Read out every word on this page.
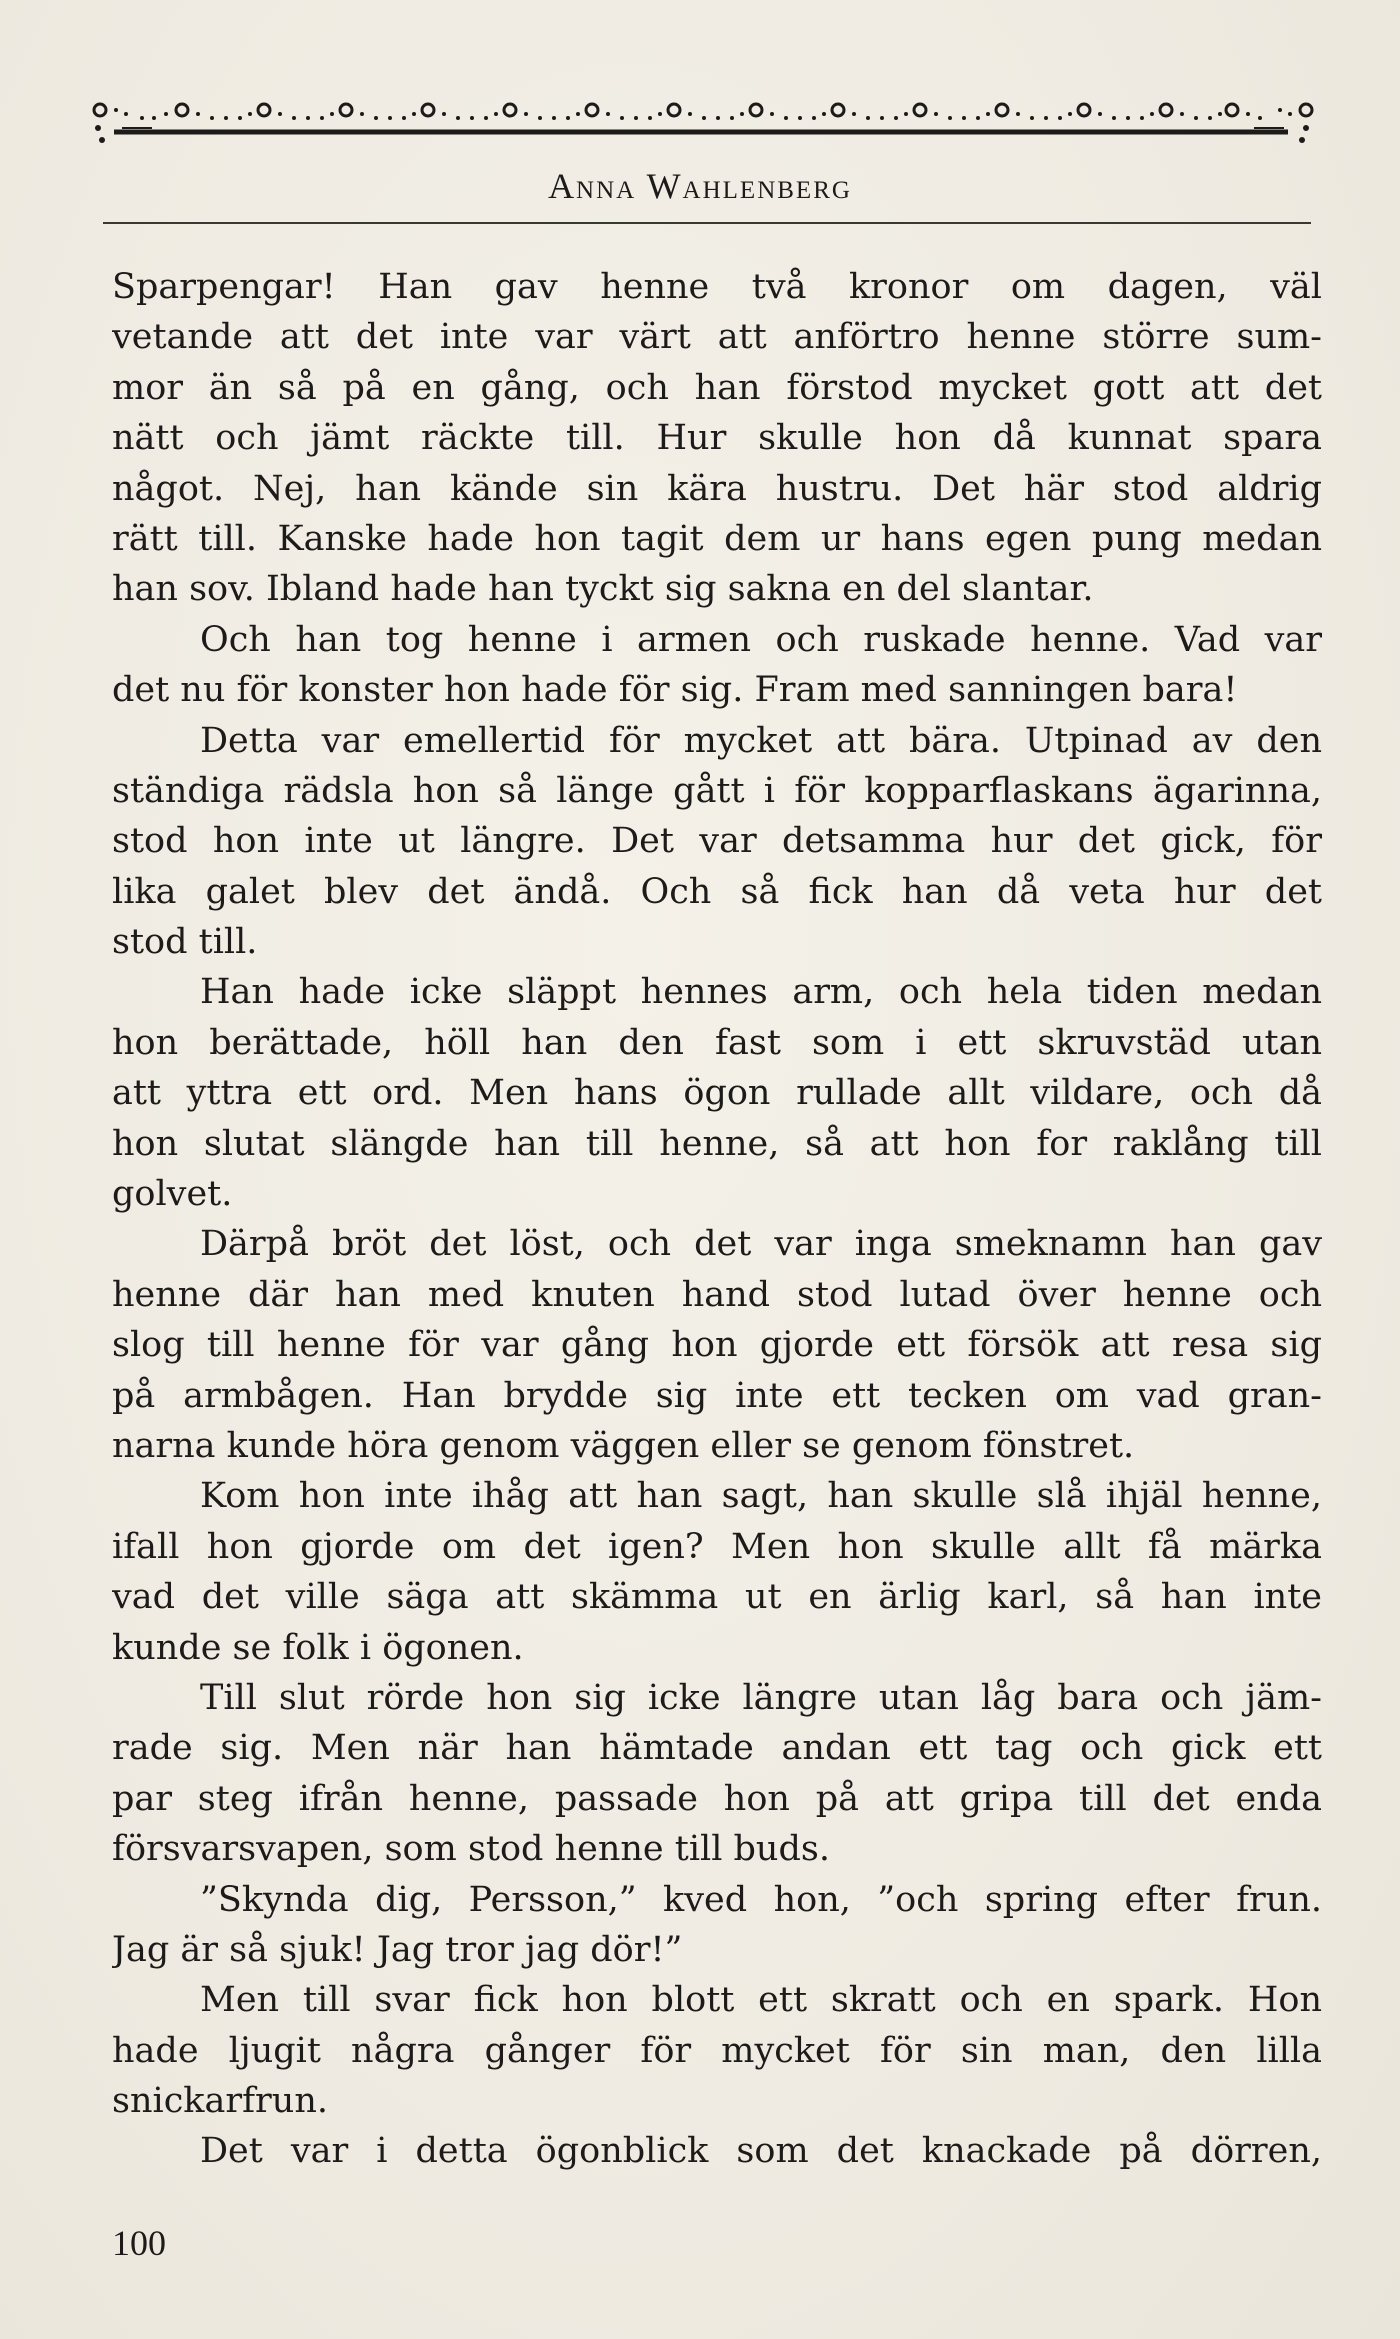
Anna Wahlenberg
Sparpengar! Han gav henne två kronor om dagen, väl
vetande att det inte var värt att anförtro henne större sum-
mor än så på en gång, och han förstod mycket gott att det
nätt och jämt räckte till. Hur skulle hon då kunnat spara
något. Nej, han kände sin kära hustru. Det här stod aldrig
rätt till. Kanske hade hon tagit dem ur hans egen pung medan
han sov. Ibland hade han tyckt sig sakna en del slantar.
Och han tog henne i armen och ruskade henne. Vad var
det nu för konster hon hade för sig. Fram med sanningen bara!
Detta var emellertid för mycket att bära. Utpinad av den
ständiga rädsla hon så länge gått i för kopparflaskans ägarinna,
stod hon inte ut längre. Det var detsamma hur det gick, för
lika galet blev det ändå. Och så fick han då veta hur det
stod till.
Han hade icke släppt hennes arm, och hela tiden medan
hon berättade, höll han den fast som i ett skruvstäd utan
att yttra ett ord. Men hans ögon rullade allt vildare, och då
hon slutat slängde han till henne, så att hon for raklång till
golvet.
Därpå bröt det löst, och det var inga smeknamn han gav
henne där han med knuten hand stod lutad över henne och
slog till henne för var gång hon gjorde ett försök att resa sig
på armbågen. Han brydde sig inte ett tecken om vad gran-
narna kunde höra genom väggen eller se genom fönstret.
Kom hon inte ihåg att han sagt, han skulle slå ihjäl henne,
ifall hon gjorde om det igen? Men hon skulle allt få märka
vad det ville säga att skämma ut en ärlig karl, så han inte
kunde se folk i ögonen.
Till slut rörde hon sig icke längre utan låg bara och jäm-
rade sig. Men när han hämtade andan ett tag och gick ett
par steg ifrån henne, passade hon på att gripa till det enda
försvarsvapen, som stod henne till buds.
”Skynda dig, Persson,” kved hon, ”och spring efter frun.
Jag är så sjuk! Jag tror jag dör!”
Men till svar fick hon blott ett skratt och en spark. Hon
hade ljugit några gånger för mycket för sin man, den lilla
snickarfrun.
Det var i detta ögonblick som det knackade på dörren,
100
